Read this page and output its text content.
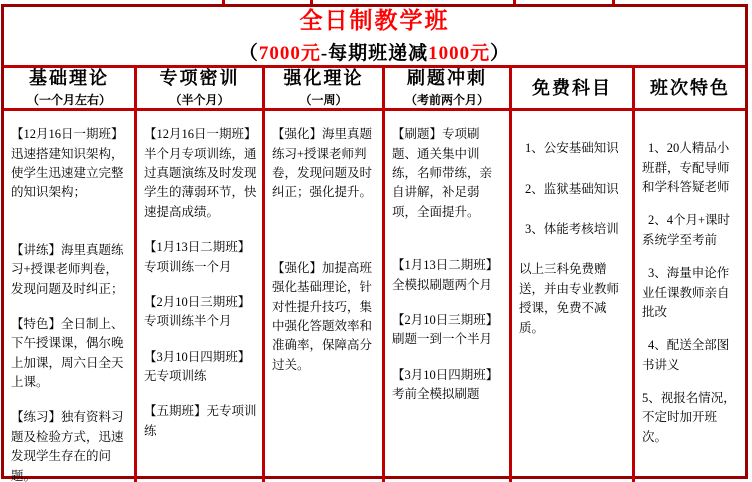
全日制教学班
（7000元-每期班递减1000元）
基础理论
（一个月左右）
专项密训
（半个月）
强化理论
（一周）
刷题冲刺
（考前两个月）
免费科目 班次特色

【12月16日一期班】迅速搭建知识架构，使学生迅速建立完整的知识架构；

【讲练】海里真题练习+授课老师判卷，发现问题及时纠正；

【特色】全日制上、下午授课课，偶尔晚上加课，周六日全天上课。

【练习】独有资料习题及检验方式，迅速发现学生存在的问题。

【12月16日一期班】半个月专项训练，通过真题演练及时发现学生的薄弱环节，快速提高成绩。

【1月13日二期班】专项训练一个月

【2月10日三期班】专项训练半个月

【3月10日四期班】无专项训练

【五期班】无专项训练

【强化】海里真题练习+授课老师判卷，发现问题及时纠正；强化提升。

【强化】加提高班强化基础理论，针对性提升技巧，集中强化答题效率和准确率，保障高分过关。

【刷题】专项刷题、通关集中训练，名师带练，亲自讲解，补足弱项，全面提升。

【1月13日二期班】全模拟刷题两个月

【2月10日三期班】刷题一到一个半月

【3月10日四期班】考前全模拟刷题

1、公安基础知识

2、监狱基础知识

3、体能考核培训

以上三科免费赠送，并由专业教师授课，免费不减质。

1、20人精品小班群，专配导师和学科答疑老师

2、4个月+课时系统学至考前

3、海量申论作业任课教师亲自批改

4、配送全部图书讲义

5、视报名情况，不定时加开班次。
